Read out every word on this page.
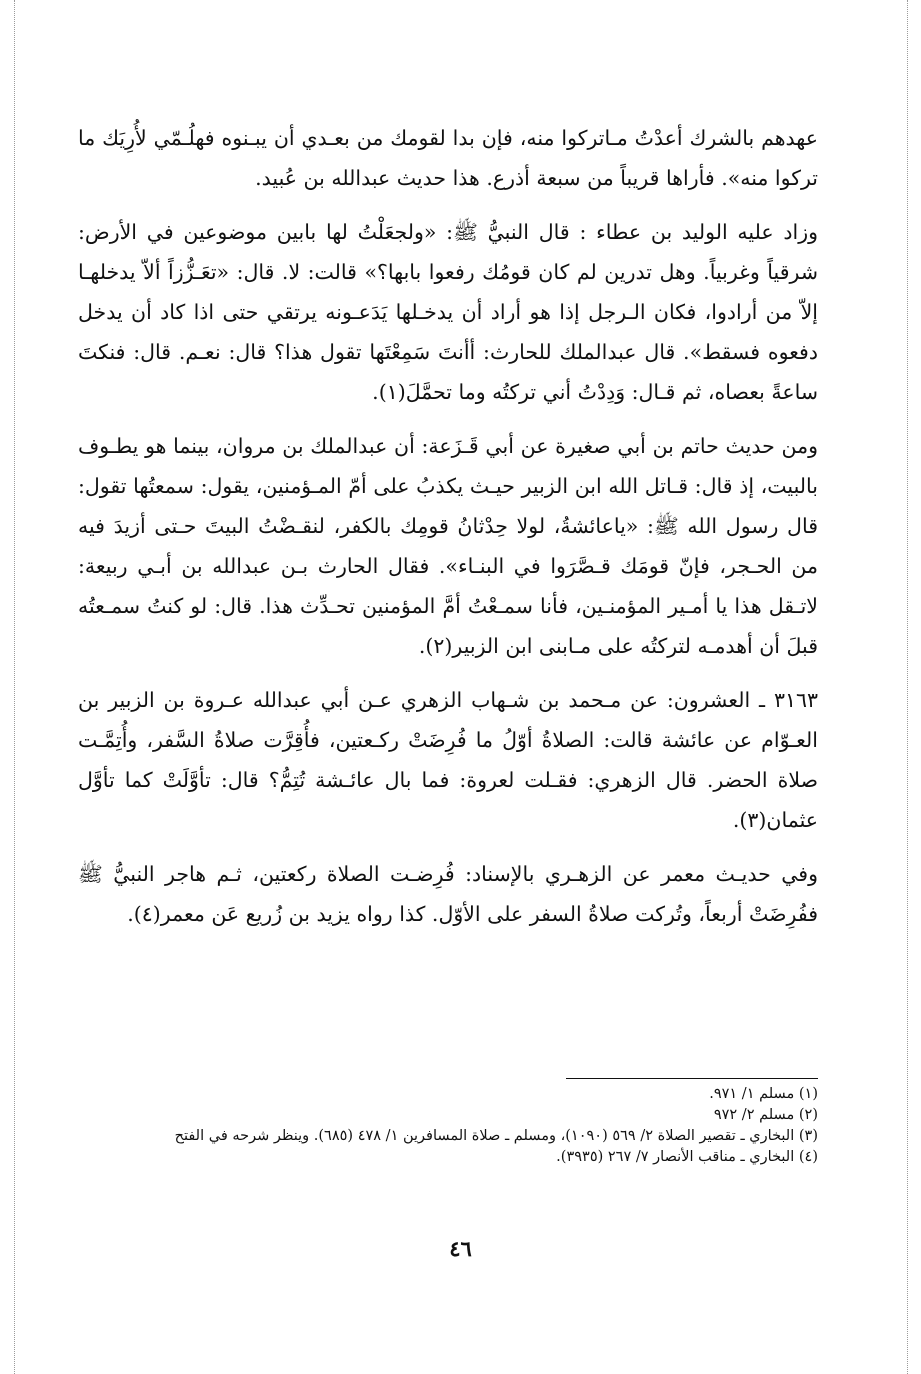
عهدهم بالشرك أعدْتُ مـاتركوا منه، فإن بدا لقومك من بعـدي أن يبـنوه فهلُـمّي لأُرِيَك ما تركوا منه». فأراها قريباً من سبعة أذرع. هذا حديث عبدالله بن عُبيد.

وزاد عليه الوليد بن عطاء : قال النبيُّ ﷺ: «ولجعَلْتُ لها بابين موضوعين في الأرض: شرقياً وغربياً. وهل تدرين لم كان قومُك رفعوا بابها؟» قالت: لا. قال: «تعَـزُّزاً ألاّ يدخلهـا إلاّ من أرادوا، فكان الـرجل إذا هو أراد أن يدخـلها يَدَعـونه يرتقي حتى اذا كاد أن يدخل دفعوه فسقط». قال عبدالملك للحارث: أأنتَ سَمِعْتَها تقول هذا؟ قال: نعـم. قال: فنكتَ ساعةً بعصاه، ثم قـال: وَدِدْتُ أني تركتُه وما تحمَّلَ(١).

ومن حديث حاتم بن أبي صغيرة عن أبي قَـزَعة: أن عبدالملك بن مروان، بينما هو يطـوف بالبيت، إذ قال: قـاتل الله ابن الزبير حيـث يكذبُ على أمّ المـؤمنين، يقول: سمعتُها تقول: قال رسول الله ﷺ: «ياعائشةُ، لولا حِدْثانُ قومِك بالكفر، لنقـضْتُ البيتَ حـتى أزيدَ فيه من الحـجر، فإنّ قومَك قـصَّرَوا في البنـاء». فقال الحارث بـن عبدالله بن أبـي ربيعة: لاتـقل هذا يا أمـير المؤمنـين، فأنا سمـعْتُ أمَّ المؤمنين تحـدِّث هذا. قال: لو كنتُ سمـعتُه قبلَ أن أهدمـه لتركتُه على مـابنى ابن الزبير(٢).

٣١٦٣ ـ العشرون: عن مـحمد بن شـهاب الزهري عـن أبي عبدالله عـروة بن الزبير بن العـوّام عن عائشة قالت: الصلاةُ أوّلُ ما فُرِضَتْ ركـعتين، فأُقِرَّت صلاةُ السَّفر، وأُتِمَّـت صلاة الحضر. قال الزهري: فقـلت لعروة: فما بال عائـشة تُتِمُّ؟ قال: تأوَّلَتْ كما تأوَّل عثمان(٣).

وفي حديـث معمر عن الزهـري بالإسناد: فُرِضـت الصلاة ركعتين، ثـم هاجر النبيُّ ﷺ ففُرِضَتْ أربعاً، وتُركت صلاةُ السفر على الأوّل. كذا رواه يزيد بن زُريع عَن معمر(٤).

(١) مسلم ١/ ٩٧١.
(٢) مسلم ٢/ ٩٧٢
(٣) البخاري ـ تقصير الصلاة ٢/ ٥٦٩ (١٠٩٠)، ومسلم ـ صلاة المسافرين ١/ ٤٧٨ (٦٨٥). وينظر شرحه في الفتح
(٤) البخاري ـ مناقب الأنصار ٧/ ٢٦٧ (٣٩٣٥).
٤٦
